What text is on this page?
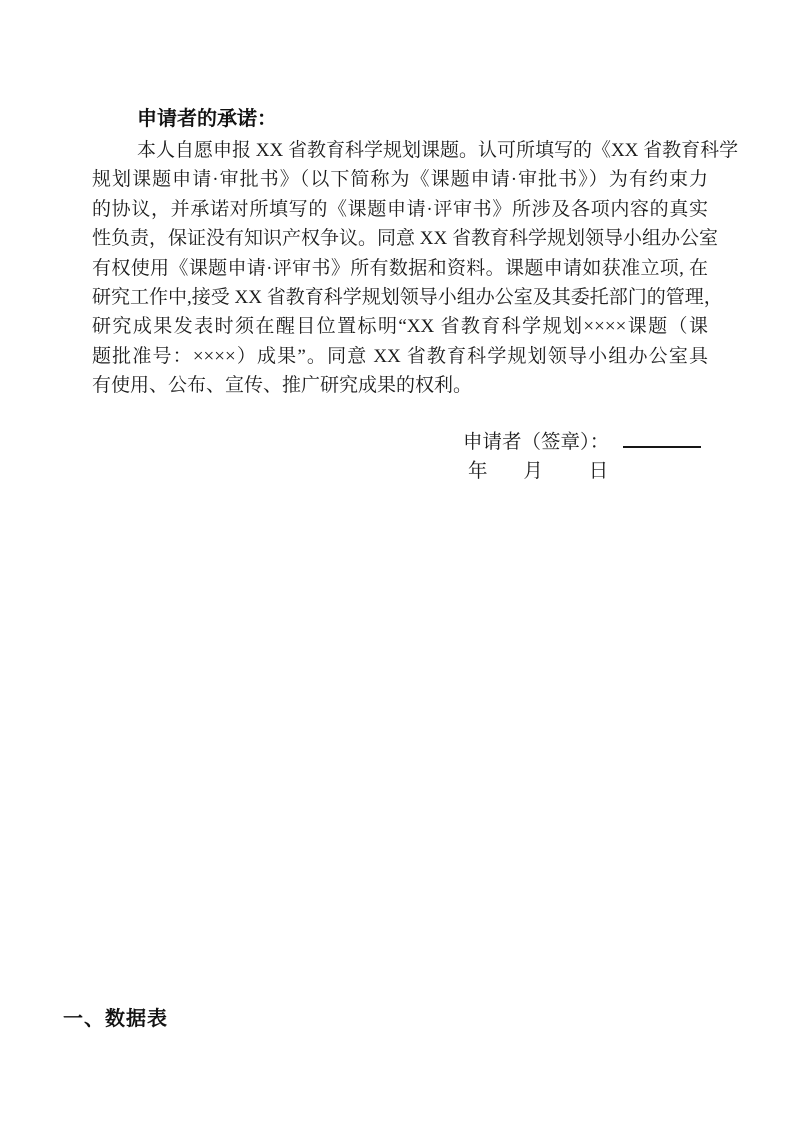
申请者的承诺：
本人自愿申报 XX 省教育科学规划课题。认可所填写的《XX 省教育科学
规划课题申请·审批书》（以下简称为《课题申请·审批书》）为有约束力
的协议，并承诺对所填写的《课题申请·评审书》所涉及各项内容的真实
性负责，保证没有知识产权争议。同意 XX 省教育科学规划领导小组办公室
有权使用《课题申请·评审书》所有数据和资料。课题申请如获准立项, 在
研究工作中,接受 XX 省教育科学规划领导小组办公室及其委托部门的管理，
研究成果发表时须在醒目位置标明“XX 省教育科学规划××××课题（课
题批准号：××××）成果”。同意 XX 省教育科学规划领导小组办公室具
有使用、公布、宣传、推广研究成果的权利。
申请者（签章）：
年 月 日
一、数据表
